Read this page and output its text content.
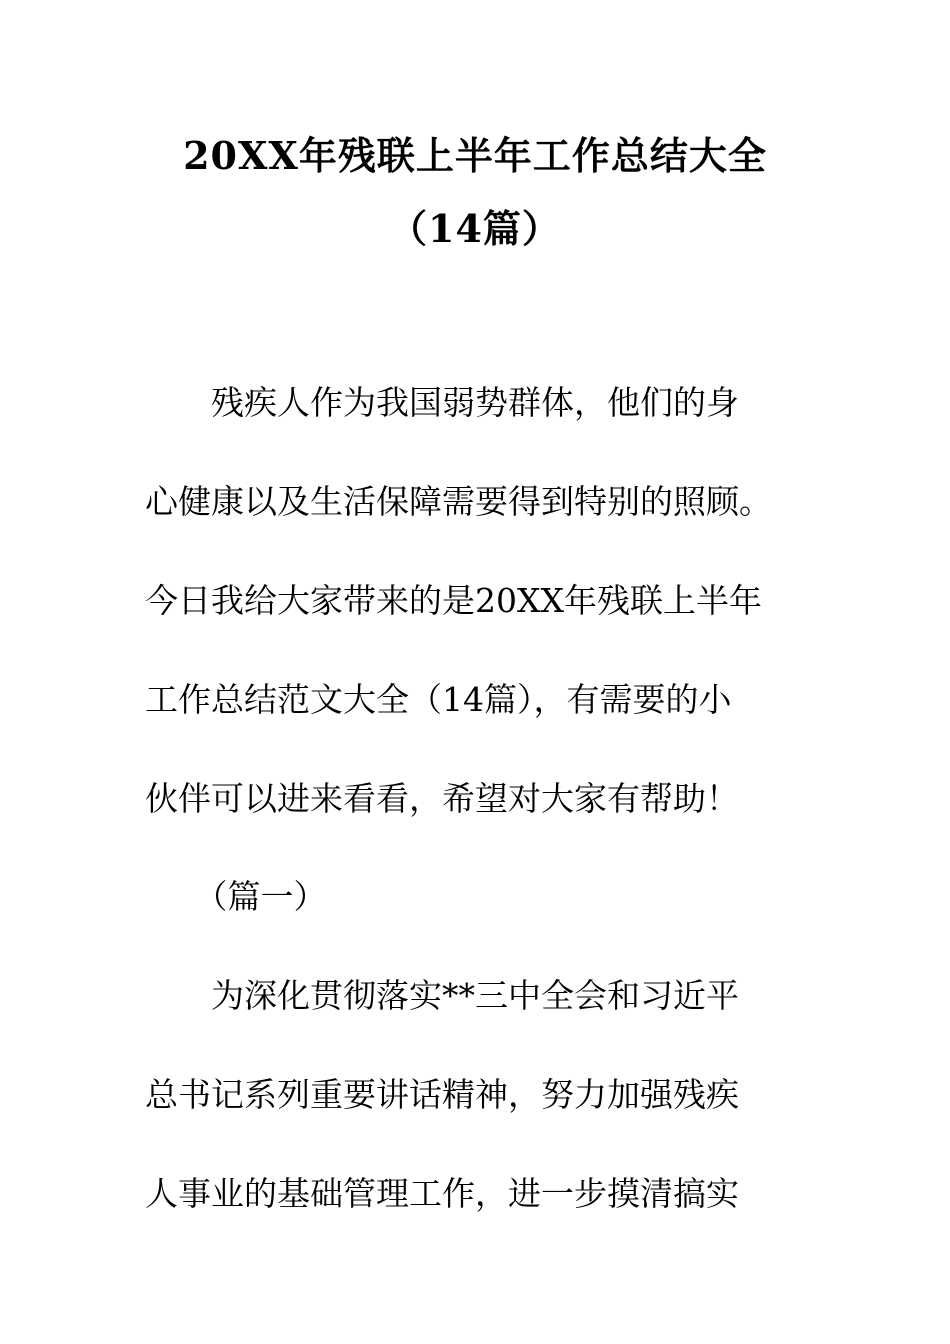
20XX年残联上半年工作总结大全
（14篇）
　　残疾人作为我国弱势群体，他们的身
心健康以及生活保障需要得到特别的照顾。
今日我给大家带来的是20XX年残联上半年
工作总结范文大全（14篇），有需要的小
伙伴可以进来看看，希望对大家有帮助！
　　（篇一）
　　为深化贯彻落实**三中全会和习近平
总书记系列重要讲话精神，努力加强残疾
人事业的基础管理工作，进一步摸清搞实
